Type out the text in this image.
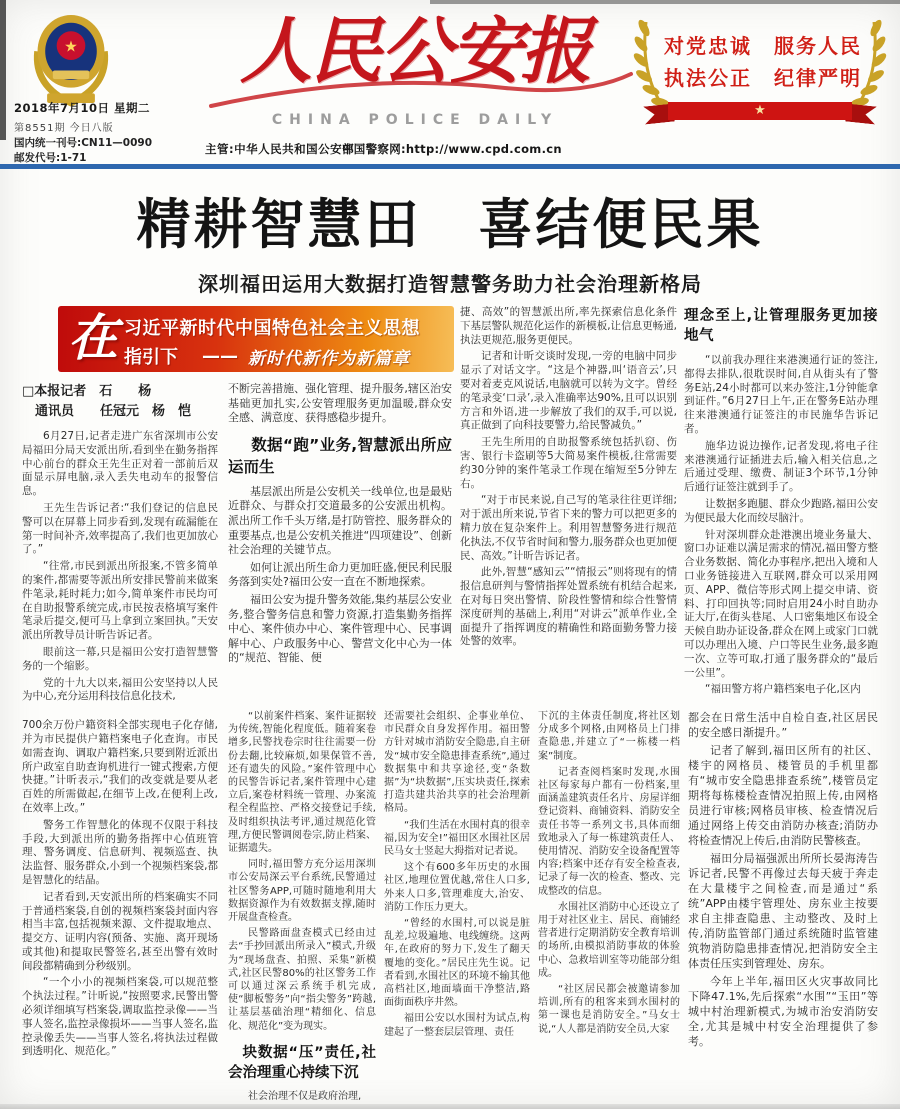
★
2018年7月10日 星期二
第8551期 今日八版
人民公安报
CHINA POLICE DAILY
对党忠诚　服务人民
执法公正　纪律严明
★
国内统一刊号:CN11—0090
邮发代号:1-71
主管:中华人民共和国公安部
中国警察网:http://www.cpd.com.cn
精耕智慧田　喜结便民果
深圳福田运用大数据打造智慧警务助力社会治理新格局
在 习近平新时代中国特色社会主义思想
指引下 —— 新时代新作为新篇章
□本报记者　石　　杨
　通讯员　　任冠元　杨　恺

6月27日,记者走进广东省深圳市公安局福田分局天安派出所,看到坐在勤务指挥中心前台的群众王先生正对着一部前后双面显示屏电脑,录入丢失电动车的报警信息。

王先生告诉记者:“我们登记的信息民警可以在屏幕上同步看到,发现有疏漏能在第一时间补齐,效率提高了,我们也更加放心了。”

“往常,市民到派出所报案,不管多简单的案件,都需要等派出所安排民警前来做案件笔录,耗时耗力;如今,简单案件市民均可在自助报警系统完成,市民按表格填写案件笔录后提交,便可马上拿到立案回执。”天安派出所教导员计昕告诉记者。

眼前这一幕,只是福田公安打造智慧警务的一个缩影。

党的十九大以来,福田公安坚持以人民为中心,充分运用科技信息化技术,

700余万份户籍资料全部实现电子化存储,并为市民提供户籍档案电子化查询。市民如需查询、调取户籍档案,只要到附近派出所户政室自助查询机进行一键式搜索,方便快捷。”计昕表示,“我们的改变就是要从老百姓的所需做起,在细节上改,在便利上改,在效率上改。”

警务工作智慧化的体现不仅限于科技手段,大到派出所的勤务指挥中心值班管理、警务调度、信息研判、视频巡查、执法监督、服务群众,小到一个视频档案袋,都是智慧化的结晶。

记者看到,天安派出所的档案确实不同于普通档案袋,自创的视频档案袋封面内容相当丰富,包括视频来源、文件提取地点、提交方、证明内容(预备、实施、离开现场或其他)和提取民警签名,甚至出警有效时间段都精确到分秒级别。

“一个小小的视频档案袋,可以规范整个执法过程。”计昕说,“按照要求,民警出警必须详细填写档案袋,调取监控录像——当事人签名,监控录像损坏——当事人签名,监控录像丢失——当事人签名,将执法过程做到透明化、规范化。”

不断完善措施、强化管理、提升服务,辖区治安基础更加扎实,公安管理服务更加温暖,群众安全感、满意度、获得感稳步提升。

数据“跑”业务,智慧派出所应运而生

基层派出所是公安机关一线单位,也是最贴近群众、与群众打交道最多的公安派出机构。派出所工作千头万绪,是打防管控、服务群众的重要基点,也是公安机关推进“四项建设”、创新社会治理的关键节点。

如何让派出所生命力更加旺盛,便民利民服务落到实处?福田公安一直在不断地探索。

福田公安为提升警务效能,集约基层公安业务,整合警务信息和警力资源,打造集勤务指挥中心、案件侦办中心、案件管理中心、民事调解中心、户政服务中心、警营文化中心为一体的“规范、智能、便

捷、高效”的智慧派出所,率先探索信息化条件下基层警队规范化运作的新模板,让信息更畅通,执法更规范,服务更便民。

记者和计昕交谈时发现,一旁的电脑中同步显示了对话文字。“这是个神器,叫‘语音云’,只要对着麦克风说话,电脑就可以转为文字。曾经的笔录变‘口录’,录入准确率达90%,且可以识别方言和外语,进一步解放了我们的双手,可以说,真正做到了向科技要警力,给民警减负。”

王先生所用的自助报警系统包括扒窃、伤害、银行卡盗刷等5大简易案件模板,往常需要约30分钟的案件笔录工作现在缩短至5分钟左右。

“对于市民来说,自己写的笔录往往更详细;对于派出所来说,节省下来的警力可以把更多的精力放在复杂案件上。利用智慧警务进行规范化执法,不仅节省时间和警力,服务群众也更加便民、高效。”计昕告诉记者。

此外,智慧“感知云”“情报云”则将现有的情报信息研判与警情指挥处置系统有机结合起来,在对每日突出警情、阶段性警情和综合性警情深度研判的基础上,利用“对讲云”派单作业,全面提升了指挥调度的精确性和路面勤务警力接处警的效率。

理念至上,让管理服务更加接地气

“以前我办理往来港澳通行证的签注,都得去排队,很耽误时间,自从街头有了警务E站,24小时都可以来办签注,1分钟能拿到证件。”6月27日上午,正在警务E站办理往来港澳通行证签注的市民施华告诉记者。

施华边说边操作,记者发现,将电子往来港澳通行证插进去后,输入相关信息,之后通过受理、缴费、制证3个环节,1分钟后通行证签注就到手了。

让数据多跑腿、群众少跑路,福田公安为便民最大化而绞尽脑汁。

针对深圳群众赴港澳出境业务量大、窗口办证难以满足需求的情况,福田警方整合业务数据、简化办事程序,把出入境和人口业务链接进入互联网,群众可以采用网页、APP、微信等形式网上提交申请、资料、打印回执等;同时启用24小时自助办证大厅,在街头巷尾、人口密集地区布设全天候自助办证设备,群众在网上或家门口就可以办理出入境、户口等民生业务,最多跑一次、立等可取,打通了服务群众的“最后一公里”。

“福田警方将户籍档案电子化,区内

“以前案件档案、案件证据较为传统,智能化程度低。随着案卷增多,民警找卷宗时往往需要一份份去翻,比较麻烦,如果保管不善,还有遗失的风险。”案件管理中心的民警告诉记者,案件管理中心建立后,案卷材料统一管理、办案流程全程监控、严格交接登记手续,及时组织执法考评,通过规范化管理,方便民警调阅卷宗,防止档案、证据遗失。

同时,福田警方充分运用深圳市公安局深云平台系统,民警通过社区警务APP,可随时随地利用大数据资源作为有效数据支撑,随时开展盘查检查。

民警路面盘查模式已经由过去“手抄回派出所录入”模式,升级为“现场盘查、拍照、采集”新模式,社区民警80%的社区警务工作可以通过深云系统手机完成,使“脚板警务”向“指尖警务”跨越,让基层基础治理“精细化、信息化、规范化”变为现实。

块数据“压”责任,社会治理重心持续下沉

社会治理不仅是政府治理,

还需要社会组织、企事业单位、市民群众自身发挥作用。福田警方针对城市消防安全隐患,自主研发“城市安全隐患排查系统”,通过数据集中和共享途径,变“条数据”为“块数据”,压实块责任,探索打造共建共治共享的社会治理新格局。

“我们生活在水围村真的很幸福,因为安全!”福田区水围社区居民马女士竖起大拇指对记者说。

这个有600多年历史的水围社区,地理位置优越,常住人口多,外来人口多,管理难度大,治安、消防工作压力更大。

“曾经的水围村,可以说是脏乱差,垃圾遍地、电线缠绕。这两年,在政府的努力下,发生了翻天覆地的变化。”居民庄先生说。记者看到,水围社区的环境不输其他高档社区,地面墙面干净整洁,路面街面秩序井然。

福田公安以水围村为试点,构建起了一整套层层管理、责任

下沉的主体责任制度,将社区划分成多个网格,由网格员上门排查隐患,并建立了“一栋楼一档案”制度。

记者查阅档案时发现,水围社区每家每户都有一份档案,里面涵盖建筑责任名片、房屋详细登记资料、商铺资料、消防安全责任书等一系列文书,具体而细致地录入了每一栋建筑责任人、使用情况、消防安全设备配置等内容;档案中还存有安全检查表,记录了每一次的检查、整改、完成整改的信息。

水围社区消防中心还设立了用于对社区业主、居民、商铺经营者进行定期消防安全教育培训的场所,由模拟消防事故的体验中心、急救培训室等功能部分组成。

“社区居民都会被邀请参加培训,所有的租客来到水围村的第一课也是消防安全。”马女士说,“人人都是消防安全员,大家

都会在日常生活中自检自查,社区居民的安全感日渐提升。”

记者了解到,福田区所有的社区、楼宇的网格员、楼管员的手机里都有“城市安全隐患排查系统”,楼管员定期将每栋楼检查情况拍照上传,由网格员进行审核;网格员审核、检查情况后通过网络上传交由消防办核查;消防办将检查情况上传后,由消防民警核查。

福田分局福强派出所所长晏海涛告诉记者,民警不再像过去每天疲于奔走在大量楼宇之间检查,而是通过“系统”APP由楼宇管理处、房东业主按要求自主排查隐患、主动整改、及时上传,消防监管部门通过系统随时监管建筑物消防隐患排查情况,把消防安全主体责任压实到管理处、房东。

今年上半年,福田区火灾事故同比下降47.1%,先后探索“水围”“玉田”等城中村治理新模式,为城市治安消防安全,尤其是城中村安全治理提供了参考。
